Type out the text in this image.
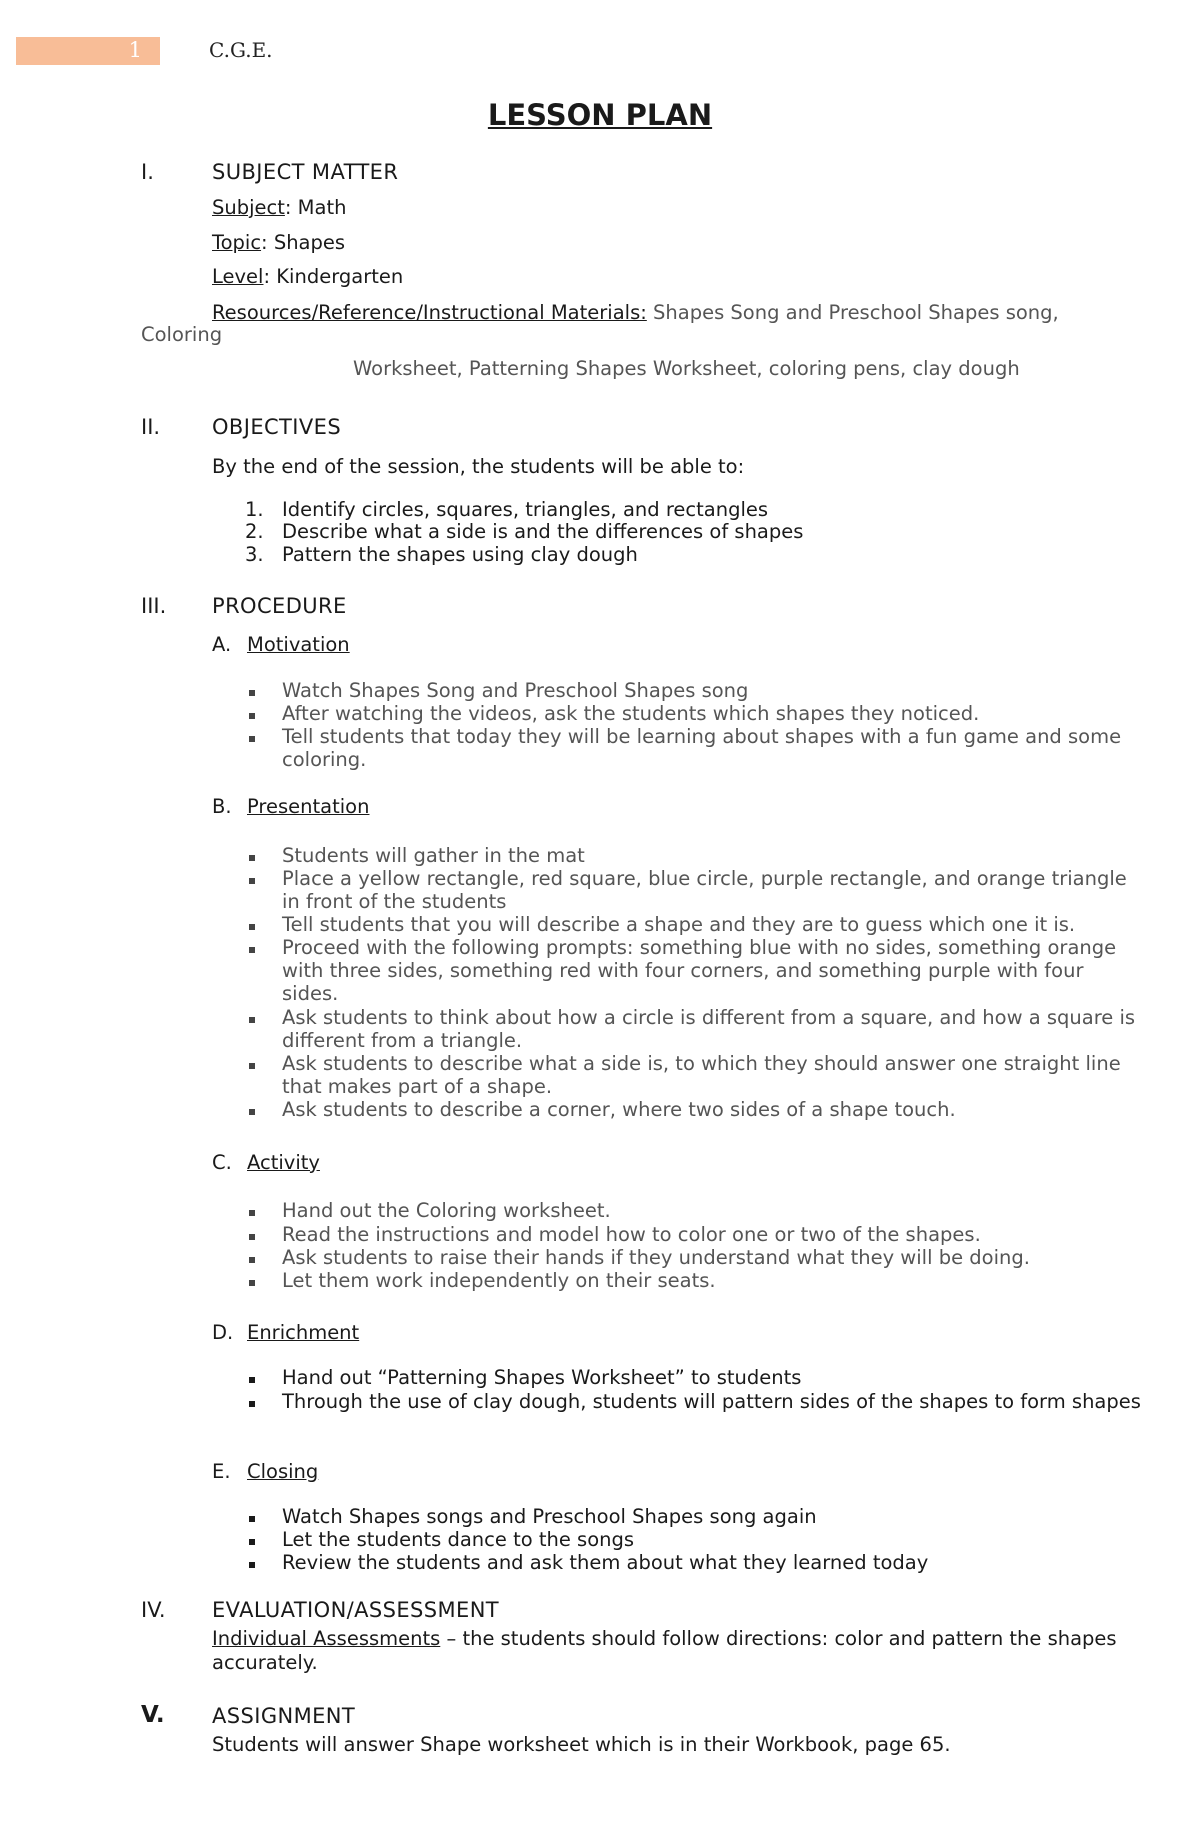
1	C.G.E.
LESSON PLAN
I.	SUBJECT MATTER
Subject: Math
Topic: Shapes
Level: Kindergarten
Resources/Reference/Instructional Materials: Shapes Song and Preschool Shapes song,
Coloring
Worksheet, Patterning Shapes Worksheet, coloring pens, clay dough
II. OBJECTIVES
By the end of the session, the students will be able to:
1. Identify circles, squares, triangles, and rectangles
2. Describe what a side is and the differences of shapes
3. Pattern the shapes using clay dough
III. PROCEDURE
A. Motivation
Watch Shapes Song and Preschool Shapes song
After watching the videos, ask the students which shapes they noticed.
Tell students that today they will be learning about shapes with a fun game and some coloring.
B. Presentation
Students will gather in the mat
Place a yellow rectangle, red square, blue circle, purple rectangle, and orange triangle in front of the students
Tell students that you will describe a shape and they are to guess which one it is.
Proceed with the following prompts: something blue with no sides, something orange with three sides, something red with four corners, and something purple with four sides.
Ask students to think about how a circle is different from a square, and how a square is different from a triangle.
Ask students to describe what a side is, to which they should answer one straight line that makes part of a shape.
Ask students to describe a corner, where two sides of a shape touch.
C. Activity
Hand out the Coloring worksheet.
Read the instructions and model how to color one or two of the shapes.
Ask students to raise their hands if they understand what they will be doing.
Let them work independently on their seats.
D. Enrichment
Hand out “Patterning Shapes Worksheet” to students
Through the use of clay dough, students will pattern sides of the shapes to form shapes
E. Closing
Watch Shapes songs and Preschool Shapes song again
Let the students dance to the songs
Review the students and ask them about what they learned today
IV. EVALUATION/ASSESSMENT
Individual Assessments – the students should follow directions: color and pattern the shapes
accurately.
V. ASSIGNMENT
Students will answer Shape worksheet which is in their Workbook, page 65.
